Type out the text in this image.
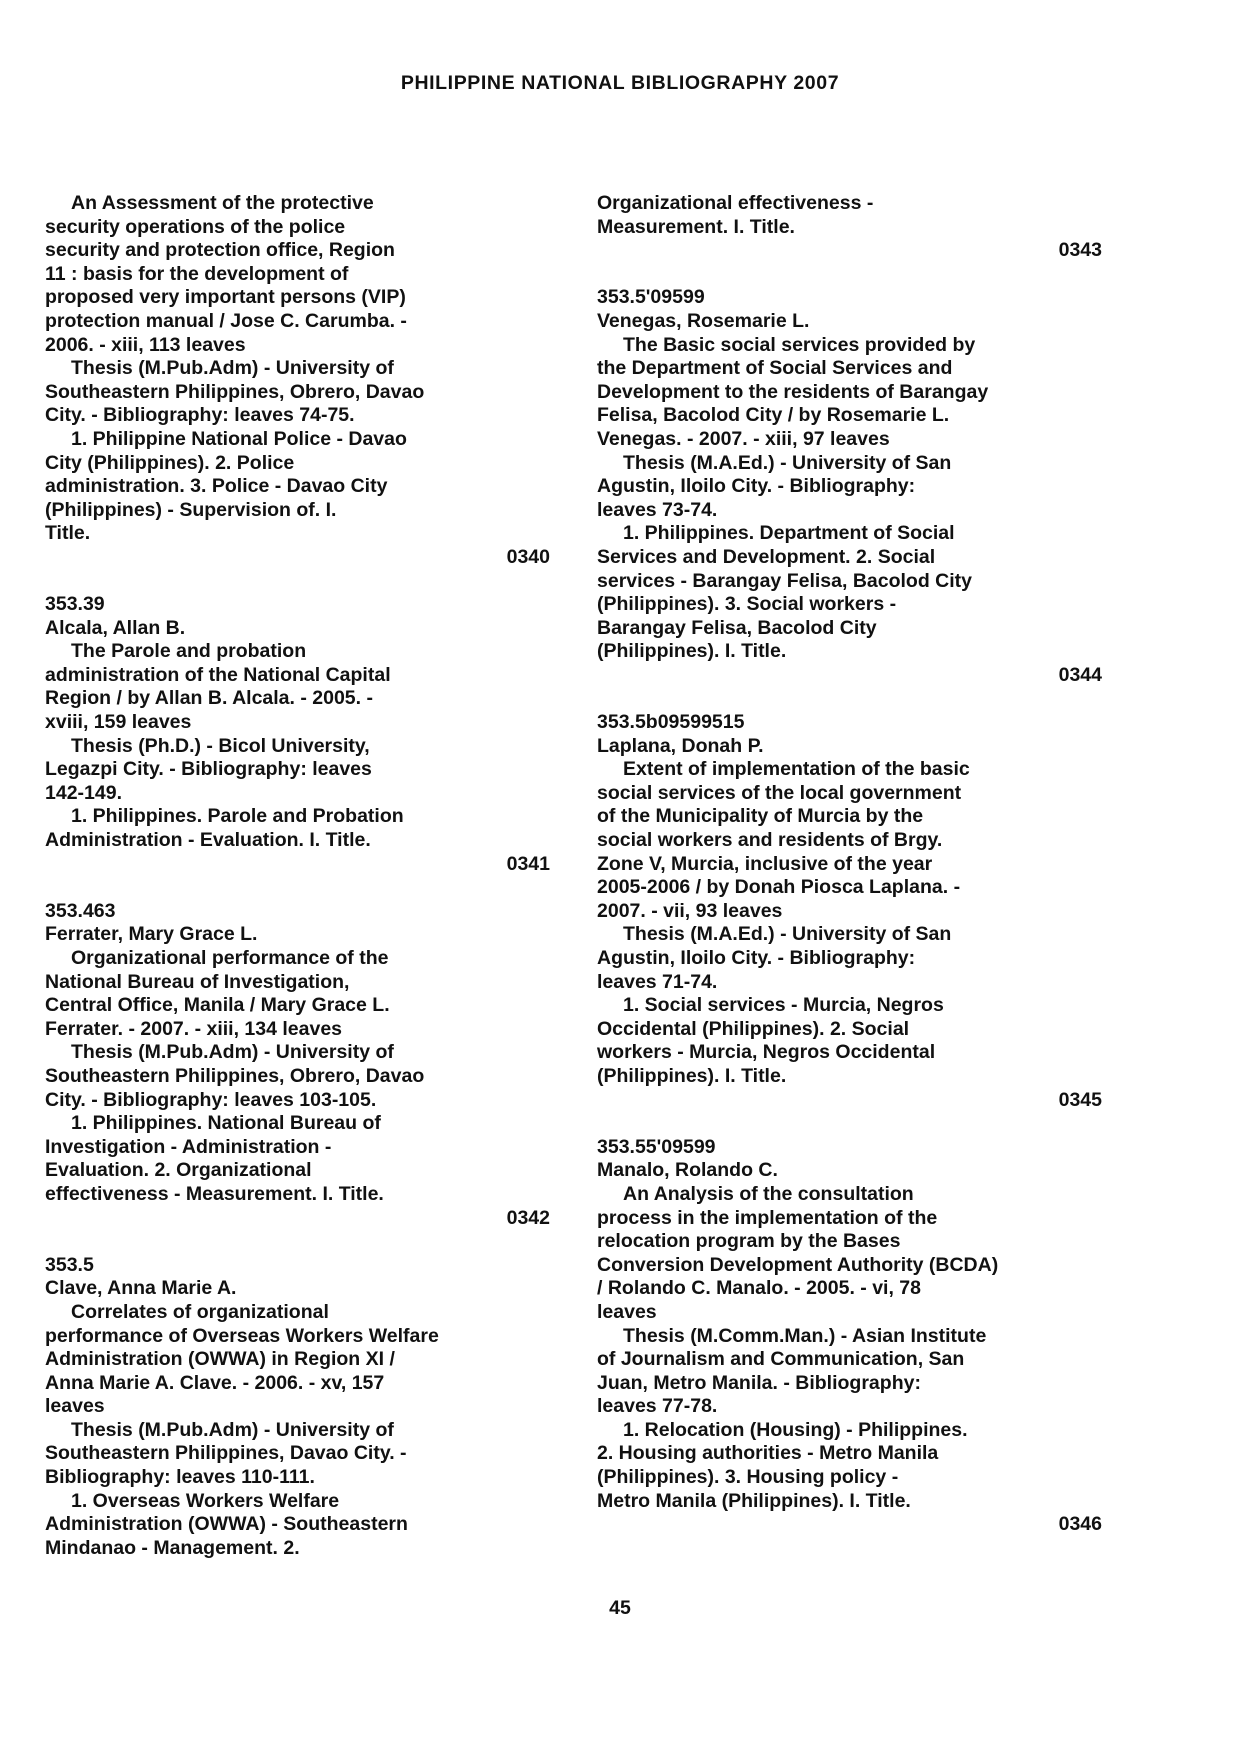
PHILIPPINE NATIONAL BIBLIOGRAPHY 2007
An Assessment of the protective
security operations of the police
security and protection office, Region
11 : basis for the development of
proposed very important persons (VIP)
protection manual / Jose C. Carumba. -
2006. - xiii, 113 leaves
Thesis (M.Pub.Adm) - University of
Southeastern Philippines, Obrero, Davao
City. - Bibliography: leaves 74-75.
1. Philippine National Police - Davao
City (Philippines). 2. Police
administration. 3. Police - Davao City
(Philippines) - Supervision of. I.
Title.
0340
353.39
Alcala, Allan B.
The Parole and probation
administration of the National Capital
Region / by Allan B. Alcala. - 2005. -
xviii, 159 leaves
Thesis (Ph.D.) - Bicol University,
Legazpi City. - Bibliography: leaves
142-149.
1. Philippines. Parole and Probation
Administration - Evaluation. I. Title.
0341
353.463
Ferrater, Mary Grace L.
Organizational performance of the
National Bureau of Investigation,
Central Office, Manila / Mary Grace L.
Ferrater. - 2007. - xiii, 134 leaves
Thesis (M.Pub.Adm) - University of
Southeastern Philippines, Obrero, Davao
City. - Bibliography: leaves 103-105.
1. Philippines. National Bureau of
Investigation - Administration -
Evaluation. 2. Organizational
effectiveness - Measurement. I. Title.
0342
353.5
Clave, Anna Marie A.
Correlates of organizational
performance of Overseas Workers Welfare
Administration (OWWA) in Region XI /
Anna Marie A. Clave. - 2006. - xv, 157
leaves
Thesis (M.Pub.Adm) - University of
Southeastern Philippines, Davao City. -
Bibliography: leaves 110-111.
1. Overseas Workers Welfare
Administration (OWWA) - Southeastern
Mindanao - Management. 2.
Organizational effectiveness -
Measurement. I. Title.
0343
353.5'09599
Venegas, Rosemarie L.
The Basic social services provided by
the Department of Social Services and
Development to the residents of Barangay
Felisa, Bacolod City / by Rosemarie L.
Venegas. - 2007. - xiii, 97 leaves
Thesis (M.A.Ed.) - University of San
Agustin, Iloilo City. - Bibliography:
leaves 73-74.
1. Philippines. Department of Social
Services and Development. 2. Social
services - Barangay Felisa, Bacolod City
(Philippines). 3. Social workers -
Barangay Felisa, Bacolod City
(Philippines). I. Title.
0344
353.5b09599515
Laplana, Donah P.
Extent of implementation of the basic
social services of the local government
of the Municipality of Murcia by the
social workers and residents of Brgy.
Zone V, Murcia, inclusive of the year
2005-2006 / by Donah Piosca Laplana. -
2007. - vii, 93 leaves
Thesis (M.A.Ed.) - University of San
Agustin, Iloilo City. - Bibliography:
leaves 71-74.
1. Social services - Murcia, Negros
Occidental (Philippines). 2. Social
workers - Murcia, Negros Occidental
(Philippines). I. Title.
0345
353.55'09599
Manalo, Rolando C.
An Analysis of the consultation
process in the implementation of the
relocation program by the Bases
Conversion Development Authority (BCDA)
/ Rolando C. Manalo. - 2005. - vi, 78
leaves
Thesis (M.Comm.Man.) - Asian Institute
of Journalism and Communication, San
Juan, Metro Manila. - Bibliography:
leaves 77-78.
1. Relocation (Housing) - Philippines.
2. Housing authorities - Metro Manila
(Philippines). 3. Housing policy -
Metro Manila (Philippines). I. Title.
0346
45
